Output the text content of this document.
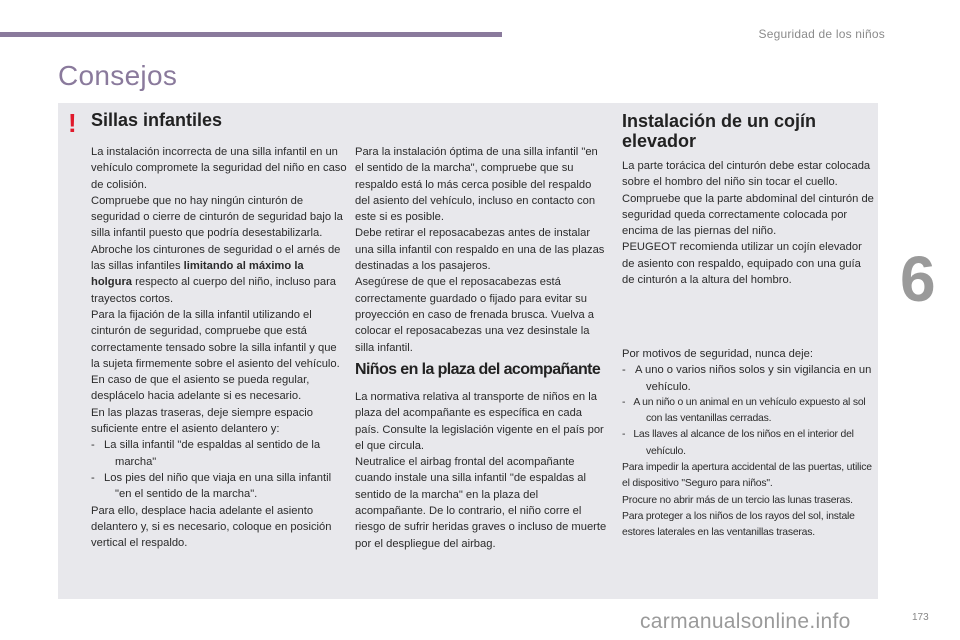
Seguridad de los niños
6
Consejos
! Sillas infantiles

La instalación incorrecta de una silla infantil en un vehículo compromete la seguridad del niño en caso de colisión.

Compruebe que no hay ningún cinturón de seguridad o cierre de cinturón de seguridad bajo la silla infantil puesto que podría desestabilizarla.

Abroche los cinturones de seguridad o el arnés de las sillas infantiles limitando al máximo la holgura respecto al cuerpo del niño, incluso para trayectos cortos.

Para la fijación de la silla infantil utilizando el cinturón de seguridad, compruebe que está correctamente tensado sobre la silla infantil y que la sujeta firmemente sobre el asiento del vehículo. En caso de que el asiento se pueda regular, desplácelo hacia adelante si es necesario.

En las plazas traseras, deje siempre espacio suficiente entre el asiento delantero y:

-   La silla infantil "de espaldas al sentido de la marcha"

-   Los pies del niño que viaja en una silla infantil "en el sentido de la marcha".

Para ello, desplace hacia adelante el asiento delantero y, si es necesario, coloque en posición vertical el respaldo.

Para la instalación óptima de una silla infantil "en el sentido de la marcha", compruebe que su respaldo está lo más cerca posible del respaldo del asiento del vehículo, incluso en contacto con este si es posible.

Debe retirar el reposacabezas antes de instalar una silla infantil con respaldo en una de las plazas destinadas a los pasajeros.

Asegúrese de que el reposacabezas está correctamente guardado o fijado para evitar su proyección en caso de frenada brusca. Vuelva a colocar el reposacabezas una vez desinstale la silla infantil.

Niños en la plaza del acompañante

La normativa relativa al transporte de niños en la plaza del acompañante es específica en cada país. Consulte la legislación vigente en el país por el que circula.

Neutralice el airbag frontal del acompañante cuando instale una silla infantil "de espaldas al sentido de la marcha" en la plaza del acompañante. De lo contrario, el niño corre el riesgo de sufrir heridas graves o incluso de muerte por el despliegue del airbag.

Instalación de un cojín elevador

La parte torácica del cinturón debe estar colocada sobre el hombro del niño sin tocar el cuello.

Compruebe que la parte abdominal del cinturón de seguridad queda correctamente colocada por encima de las piernas del niño.

PEUGEOT recomienda utilizar un cojín elevador de asiento con respaldo, equipado con una guía de cinturón a la altura del hombro.

Por motivos de seguridad, nunca deje:

-   A uno o varios niños solos y sin vigilancia en un vehículo.

-   A un niño o un animal en un vehículo expuesto al sol con las ventanillas cerradas.

-   Las llaves al alcance de los niños en el interior del vehículo.

Para impedir la apertura accidental de las puertas, utilice el dispositivo "Seguro para niños".

Procure no abrir más de un tercio las lunas traseras.

Para proteger a los niños de los rayos del sol, instale estores laterales en las ventanillas traseras.

carmanualsonline.info	173
